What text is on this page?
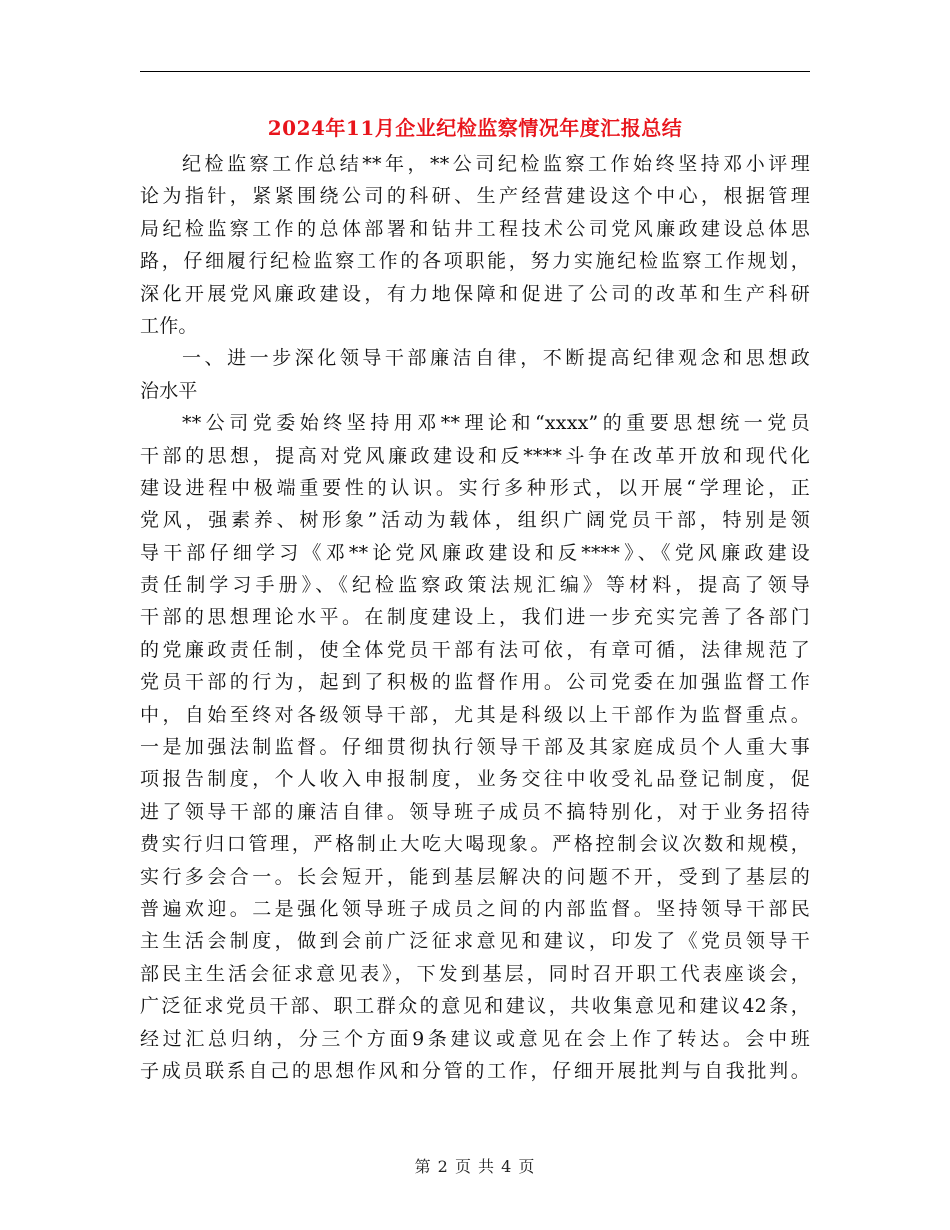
2024年11月企业纪检监察情况年度汇报总结
纪检监察工作总结**年，**公司纪检监察工作始终坚持邓小评理
论为指针，紧紧围绕公司的科研、生产经营建设这个中心，根据管理
局纪检监察工作的总体部署和钻井工程技术公司党风廉政建设总体思
路，仔细履行纪检监察工作的各项职能，努力实施纪检监察工作规划，
深化开展党风廉政建设，有力地保障和促进了公司的改革和生产科研
工作。
一、进一步深化领导干部廉洁自律，不断提高纪律观念和思想政
治水平
**公司党委始终坚持用邓**理论和“xxxx”的重要思想统一党员
干部的思想，提高对党风廉政建设和反****斗争在改革开放和现代化
建设进程中极端重要性的认识。实行多种形式，以开展“学理论，正
党风，强素养、树形象”活动为载体，组织广阔党员干部，特别是领
导干部仔细学习《邓**论党风廉政建设和反****》、《党风廉政建设
责任制学习手册》、《纪检监察政策法规汇编》等材料，提高了领导
干部的思想理论水平。在制度建设上，我们进一步充实完善了各部门
的党廉政责任制，使全体党员干部有法可依，有章可循，法律规范了
党员干部的行为，起到了积极的监督作用。公司党委在加强监督工作
中，自始至终对各级领导干部，尤其是科级以上干部作为监督重点。
一是加强法制监督。仔细贯彻执行领导干部及其家庭成员个人重大事
项报告制度，个人收入申报制度，业务交往中收受礼品登记制度，促
进了领导干部的廉洁自律。领导班子成员不搞特别化，对于业务招待
费实行归口管理，严格制止大吃大喝现象。严格控制会议次数和规模，
实行多会合一。长会短开，能到基层解决的问题不开，受到了基层的
普遍欢迎。二是强化领导班子成员之间的内部监督。坚持领导干部民
主生活会制度，做到会前广泛征求意见和建议，印发了《党员领导干
部民主生活会征求意见表》，下发到基层，同时召开职工代表座谈会，
广泛征求党员干部、职工群众的意见和建议，共收集意见和建议42条，
经过汇总归纳，分三个方面9条建议或意见在会上作了转达。会中班
子成员联系自己的思想作风和分管的工作，仔细开展批判与自我批判。
第 2 页 共 4 页
